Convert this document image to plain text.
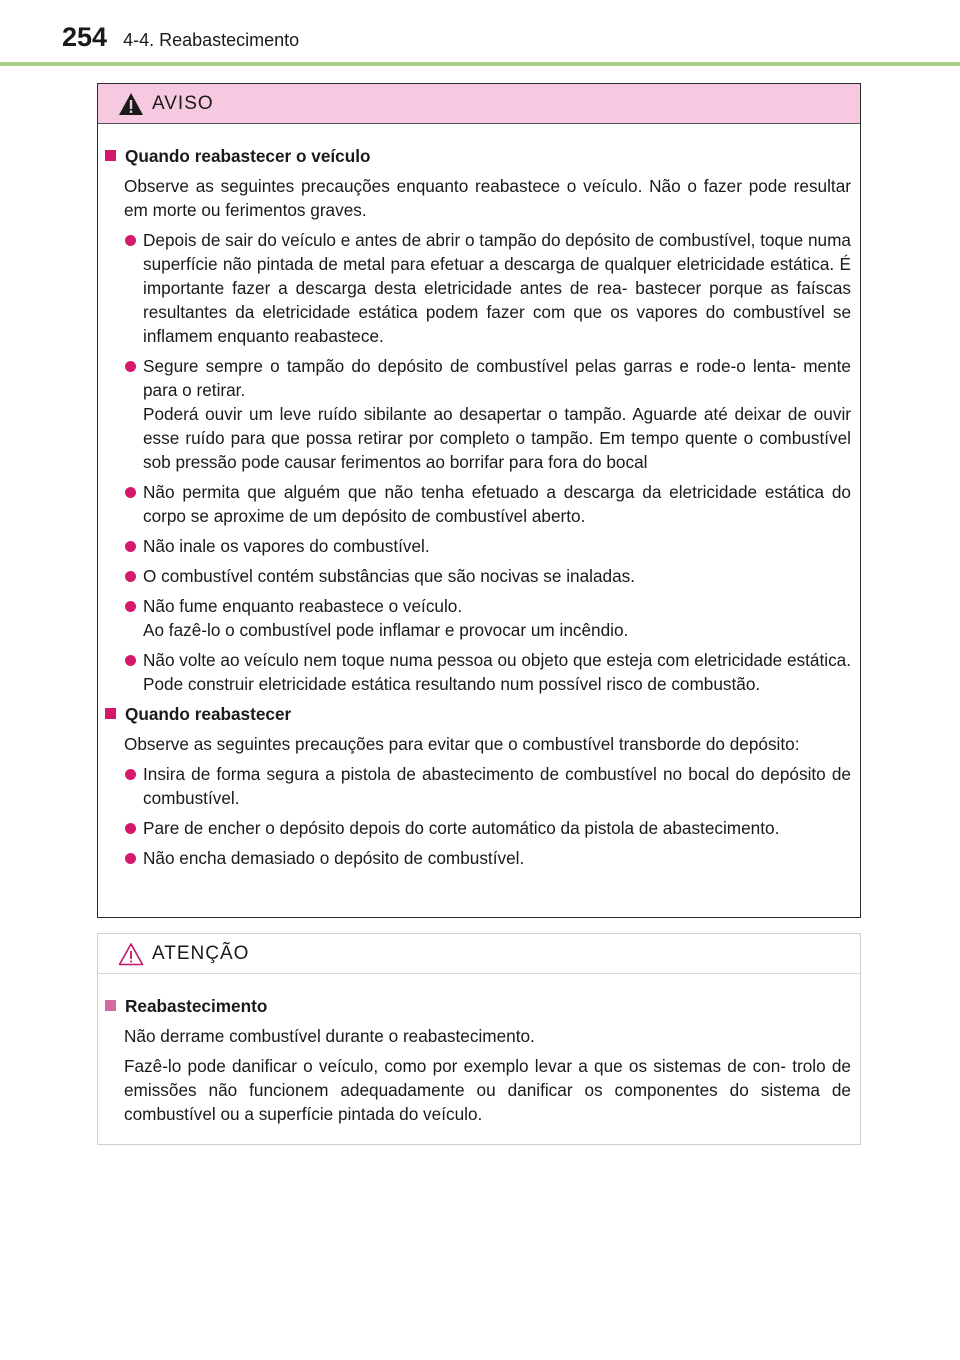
254 4-4. Reabastecimento
AVISO
Quando reabastecer o veículo
Observe as seguintes precauções enquanto reabastece o veículo. Não o fazer pode resultar em morte ou ferimentos graves.
Depois de sair do veículo e antes de abrir o tampão do depósito de combustível, toque numa superfície não pintada de metal para efetuar a descarga de qualquer eletricidade estática. É importante fazer a descarga desta eletricidade antes de rea- bastecer porque as faíscas resultantes da eletricidade estática podem fazer com que os vapores do combustível se inflamem enquanto reabastece.
Segure sempre o tampão do depósito de combustível pelas garras e rode-o lenta- mente para o retirar.
Poderá ouvir um leve ruído sibilante ao desapertar o tampão. Aguarde até deixar de ouvir esse ruído para que possa retirar por completo o tampão. Em tempo quente o combustível sob pressão pode causar ferimentos ao borrifar para fora do bocal
Não permita que alguém que não tenha efetuado a descarga da eletricidade estática do corpo se aproxime de um depósito de combustível aberto.
Não inale os vapores do combustível.
O combustível contém substâncias que são nocivas se inaladas.
Não fume enquanto reabastece o veículo.
Ao fazê-lo o combustível pode inflamar e provocar um incêndio.
Não volte ao veículo nem toque numa pessoa ou objeto que esteja com eletricidade estática.
Pode construir eletricidade estática resultando num possível risco de combustão.
Quando reabastecer
Observe as seguintes precauções para evitar que o combustível transborde do depósito:
Insira de forma segura a pistola de abastecimento de combustível no bocal do depósito de combustível.
Pare de encher o depósito depois do corte automático da pistola de abastecimento.
Não encha demasiado o depósito de combustível.
ATENÇÃO
Reabastecimento
Não derrame combustível durante o reabastecimento.
Fazê-lo pode danificar o veículo, como por exemplo levar a que os sistemas de con- trolo de emissões não funcionem adequadamente ou danificar os componentes do sistema de combustível ou a superfície pintada do veículo.
